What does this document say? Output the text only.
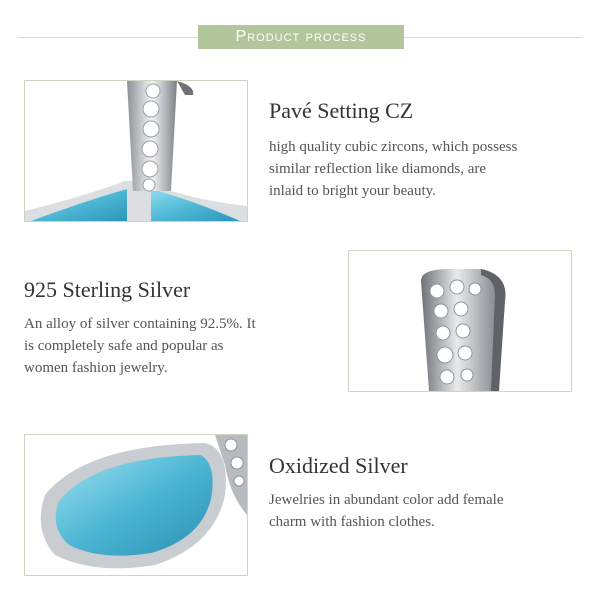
Product process
Pavé Setting CZ
high quality cubic zircons, which possess
similar reflection like diamonds, are
inlaid to bright your beauty.
925 Sterling Silver
An alloy of silver containing 92.5%. It
is completely safe and popular as
women fashion jewelry.
Oxidized Silver
Jewelries in abundant color add female
charm with fashion clothes.
